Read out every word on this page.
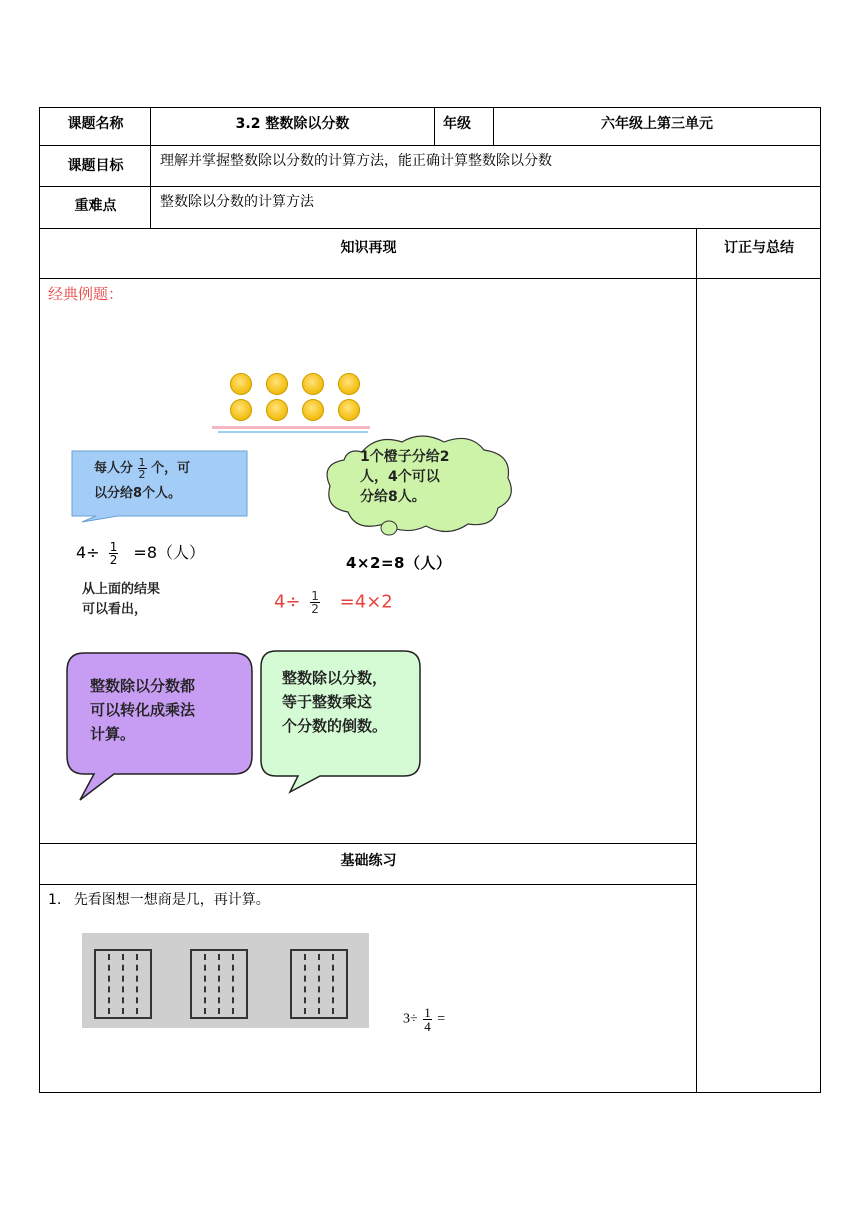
课题名称	3.2 整数除以分数	年级	六年级上第三单元
课题目标	理解并掌握整数除以分数的计算方法，能正确计算整数除以分数
重难点	整数除以分数的计算方法
知识再现	订正与总结
经典例题：
每人分 $\frac{1}{2}$ 个，可
以分给8个人。
1个橙子分给2
人，4个可以
分给8人。
$4\div \frac{1}{2} =8$（人）
4×2=8（人）
从上面的结果
可以看出，	$4\div \frac{1}{2} =4\times 2$
整数除以分数都
可以转化成乘法
计算。
整数除以分数，
等于整数乘这
个分数的倒数。
基础练习
1. 先看图想一想商是几，再计算。
$3\div \frac{1}{4}$ =
